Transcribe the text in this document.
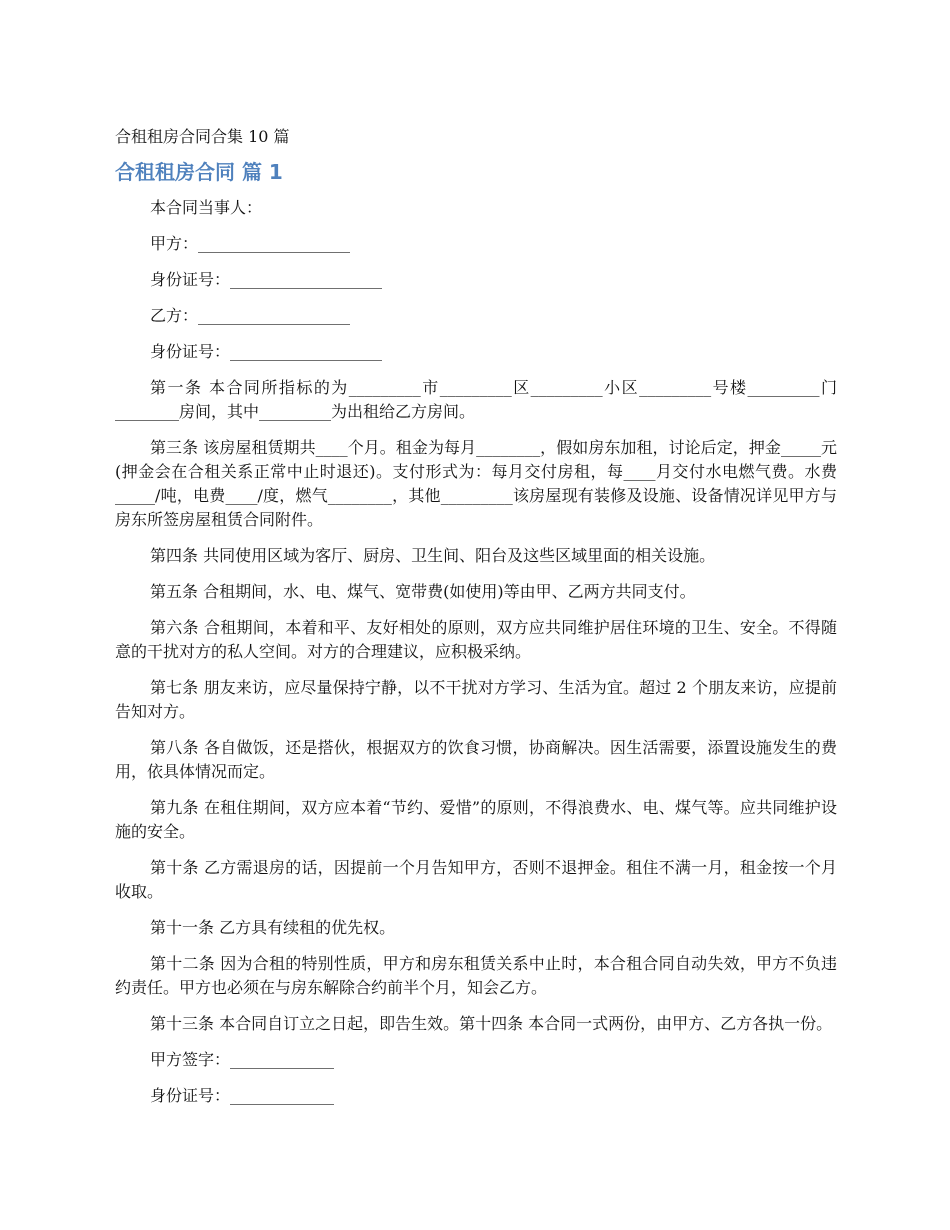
合租租房合同合集 10 篇
合租租房合同 篇 1

本合同当事人：

甲方：___________________

身份证号：___________________

乙方：___________________

身份证号：___________________

第一条 本合同所指标的为_________市_________区_________小区_________号楼_________门________房间，其中_________为出租给乙方房间。

第三条 该房屋租赁期共____个月。租金为每月________，假如房东加租，讨论后定，押金_____元(押金会在合租关系正常中止时退还)。支付形式为：每月交付房租，每____月交付水电燃气费。水费_____/吨，电费____/度，燃气________，其他_________该房屋现有装修及设施、设备情况详见甲方与房东所签房屋租赁合同附件。

第四条 共同使用区域为客厅、厨房、卫生间、阳台及这些区域里面的相关设施。

第五条 合租期间，水、电、煤气、宽带费(如使用)等由甲、乙两方共同支付。

第六条 合租期间，本着和平、友好相处的原则，双方应共同维护居住环境的卫生、安全。不得随意的干扰对方的私人空间。对方的合理建议，应积极采纳。

第七条 朋友来访，应尽量保持宁静，以不干扰对方学习、生活为宜。超过 2 个朋友来访，应提前告知对方。

第八条 各自做饭，还是搭伙，根据双方的饮食习惯，协商解决。因生活需要，添置设施发生的费用，依具体情况而定。

第九条 在租住期间，双方应本着“节约、爱惜”的原则，不得浪费水、电、煤气等。应共同维护设施的安全。

第十条 乙方需退房的话，因提前一个月告知甲方，否则不退押金。租住不满一月，租金按一个月收取。

第十一条 乙方具有续租的优先权。

第十二条 因为合租的特别性质，甲方和房东租赁关系中止时，本合租合同自动失效，甲方不负违约责任。甲方也必须在与房东解除合约前半个月，知会乙方。

第十三条 本合同自订立之日起，即告生效。第十四条 本合同一式两份，由甲方、乙方各执一份。

甲方签字：_____________

身份证号：_____________
